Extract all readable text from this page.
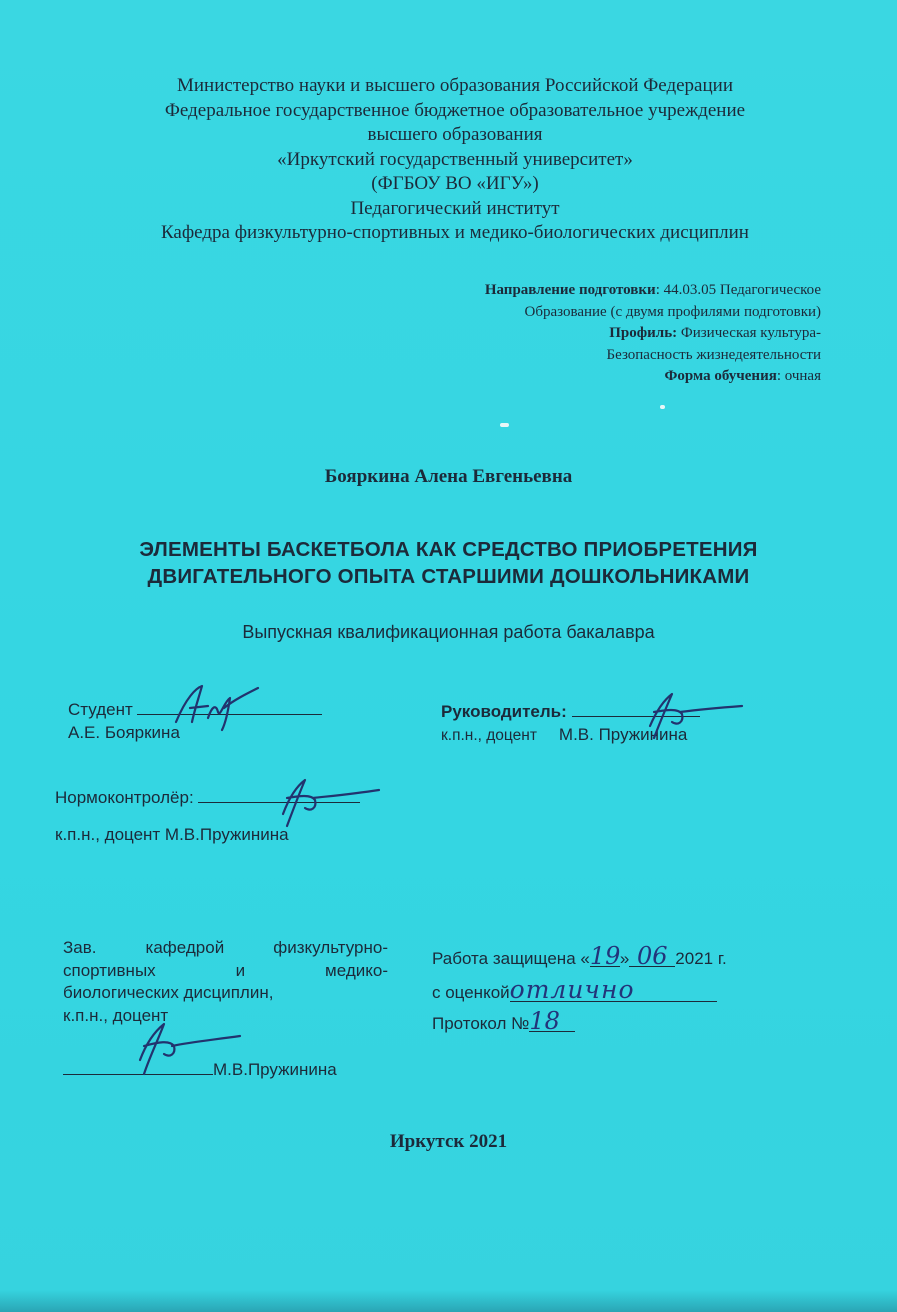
Министерство науки и высшего образования Российской Федерации
Федеральное государственное бюджетное образовательное учреждение
высшего образования
«Иркутский государственный университет»
(ФГБОУ ВО «ИГУ»)
Педагогический институт
Кафедра физкультурно-спортивных и медико-биологических дисциплин
Направление подготовки: 44.03.05 Педагогическое
Образование (с двумя профилями подготовки)
Профиль: Физическая культура-
Безопасность жизнедеятельности
Форма обучения: очная
Бояркина Алена Евгеньевна
ЭЛЕМЕНТЫ БАСКЕТБОЛА КАК СРЕДСТВО ПРИОБРЕТЕНИЯ
ДВИГАТЕЛЬНОГО ОПЫТА СТАРШИМИ ДОШКОЛЬНИКАМИ
Выпускная квалификационная работа бакалавра
Студент
А.Е. Бояркина
Руководитель:
к.п.н., доцент М.В. Пружинина
Нормоконтролёр:
к.п.н., доцент М.В.Пружинина
Зав.	кафедрой	физкультурно-
спортивных	и	медико-
биологических дисциплин,
к.п.н., доцент
М.В.Пружинина
Работа защищена «19» 06 2021 г.
с оценкойотлично
Протокол №18
Иркутск 2021
